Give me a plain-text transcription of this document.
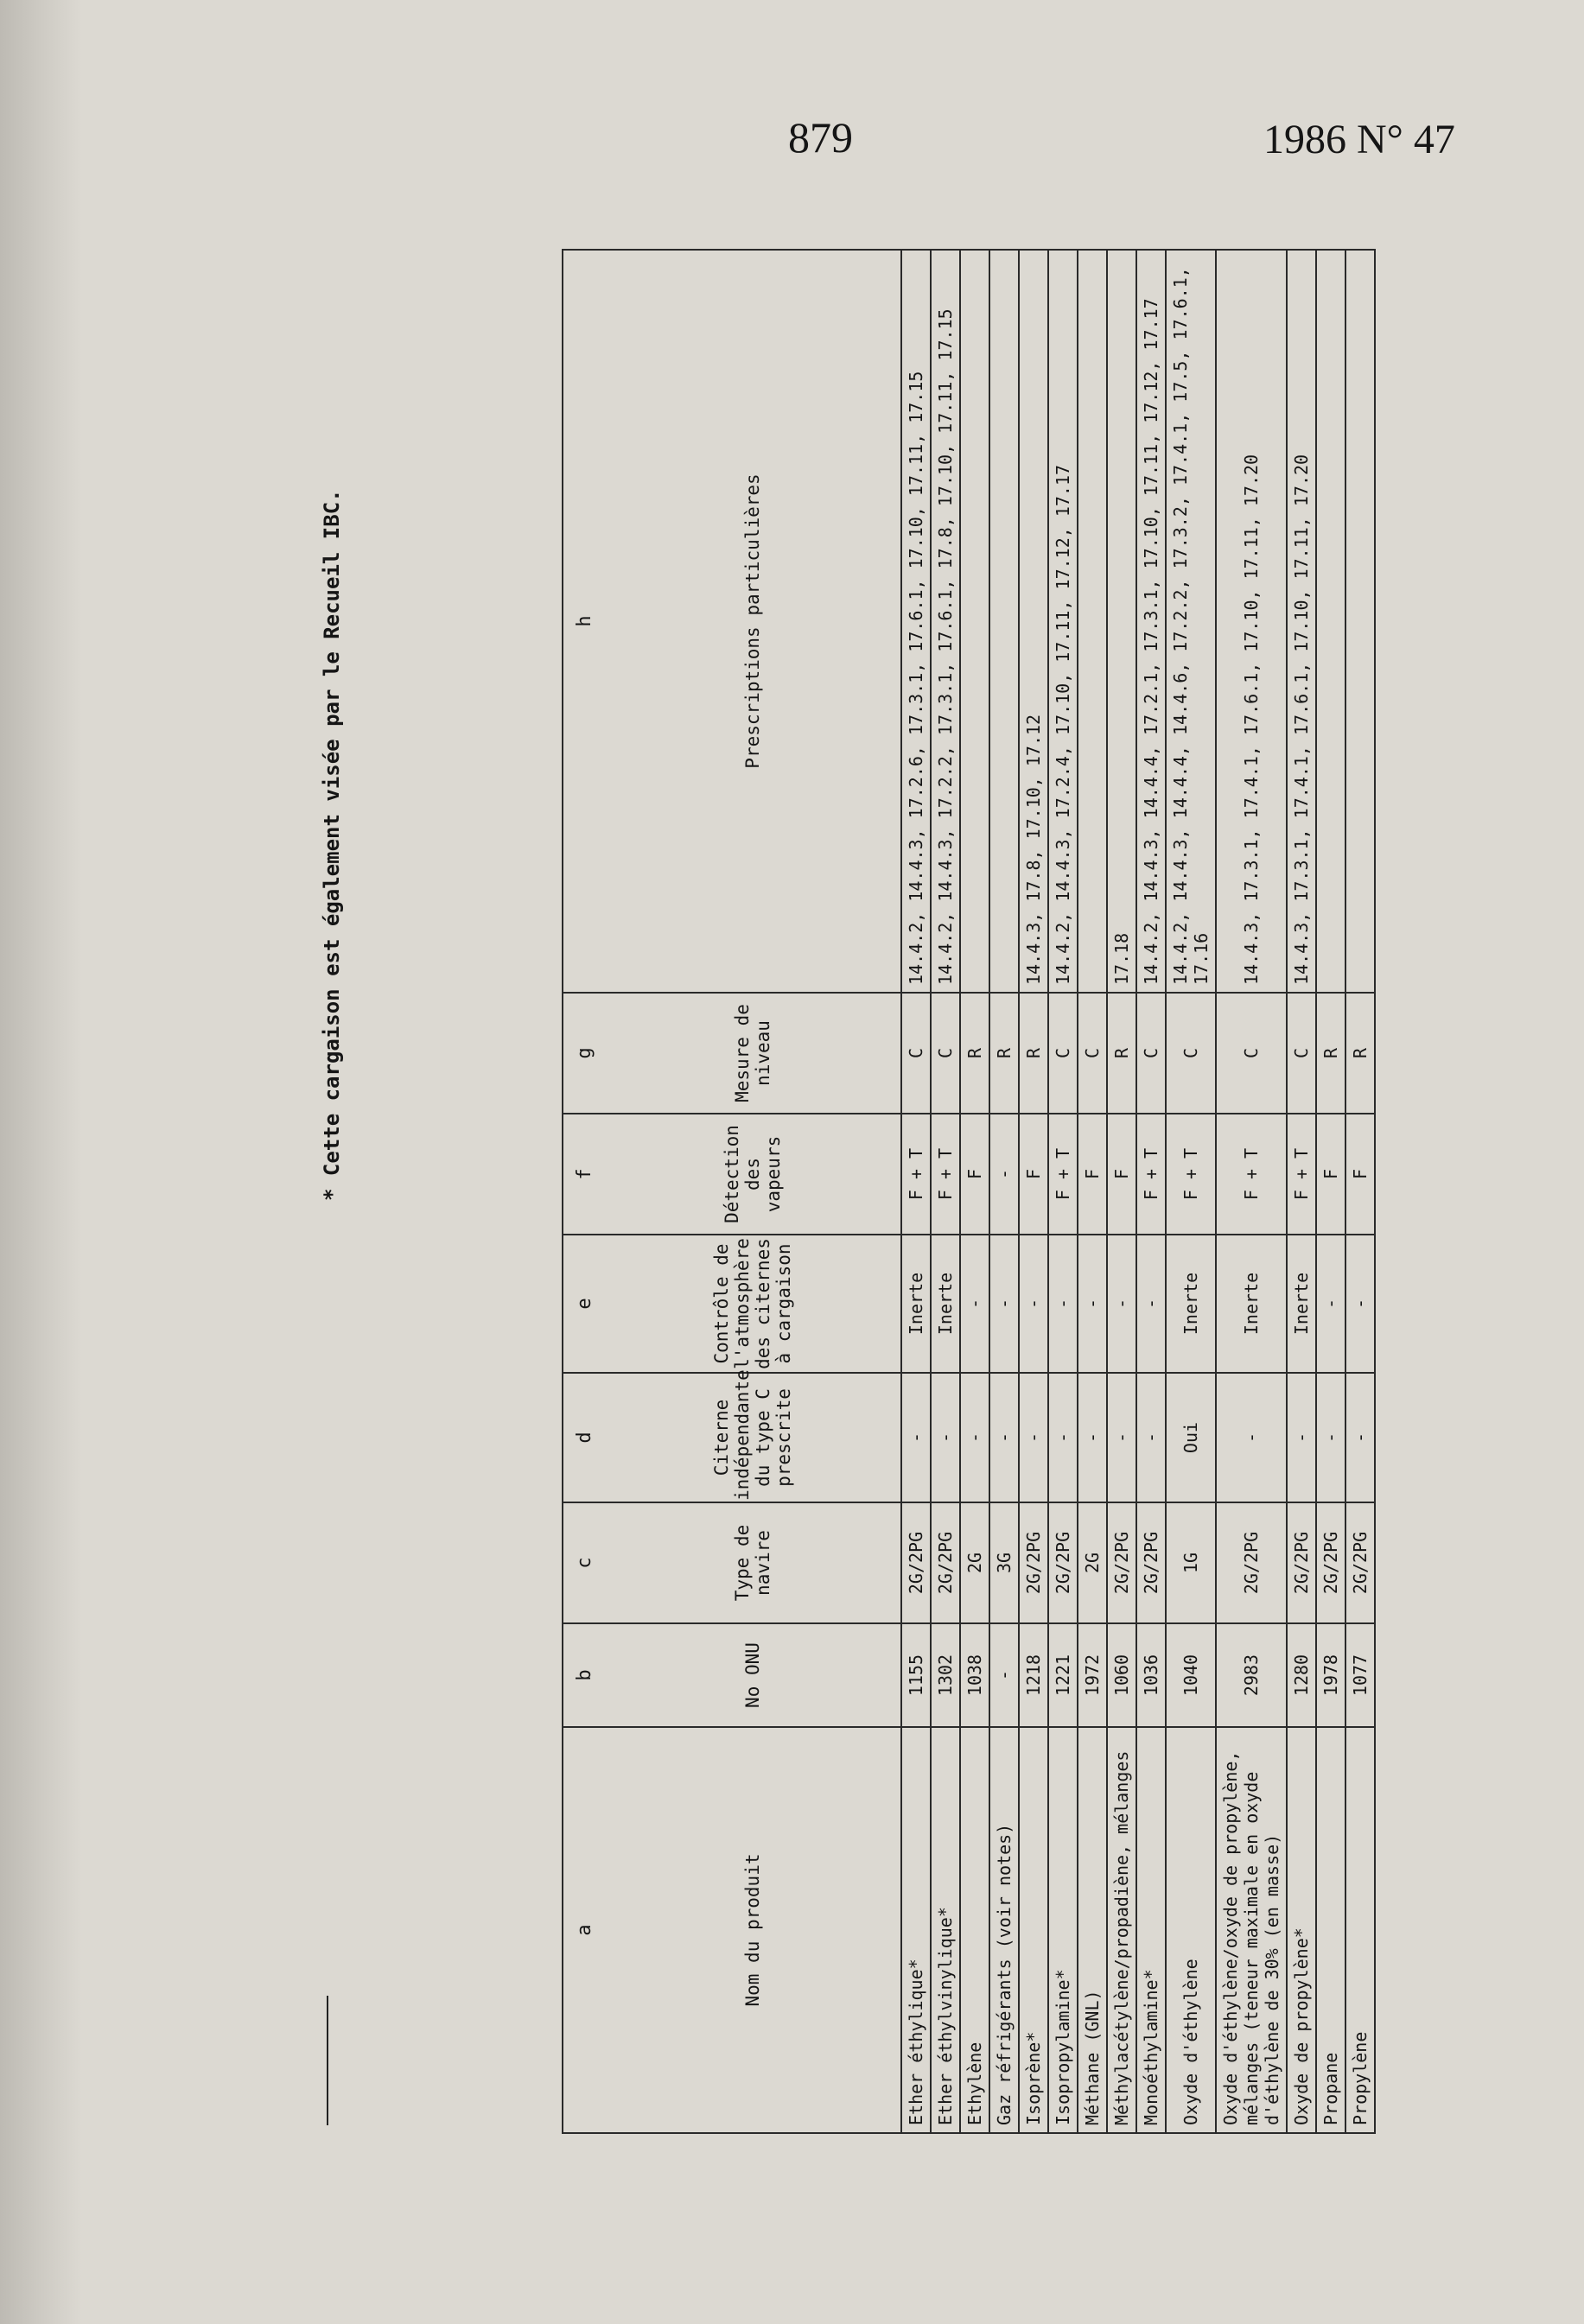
879	1986 N° 47
a	b	c	d	e	f	g	h
Nom du produit	No ONU	Type de navire	Citerne indépendante du type C prescrite	Contrôle de l'atmosphère des citernes à cargaison	Détection des vapeurs	Mesure de niveau	Prescriptions particulières
Ether éthylique*	1155	2G/2PG	-	Inerte	F + T	C	14.4.2, 14.4.3, 17.2.6, 17.3.1, 17.6.1, 17.10, 17.11, 17.15
Ether éthylvinylique*	1302	2G/2PG	-	Inerte	F + T	C	14.4.2, 14.4.3, 17.2.2, 17.3.1, 17.6.1, 17.8, 17.10, 17.11, 17.15
Ethylène	1038	2G	-	-	F	R	
Gaz réfrigérants (voir notes)	-	3G	-	-	-	R	
Isoprène*	1218	2G/2PG	-	-	F	R	14.4.3, 17.8, 17.10, 17.12
Isopropylamine*	1221	2G/2PG	-	-	F + T	C	14.4.2, 14.4.3, 17.2.4, 17.10, 17.11, 17.12, 17.17
Méthane (GNL)	1972	2G	-	-	F	C	
Méthylacétylène/propadiène, mélanges	1060	2G/2PG	-	-	F	R	17.18
Monoéthylamine*	1036	2G/2PG	-	-	F + T	C	14.4.2, 14.4.3, 14.4.4, 17.2.1, 17.3.1, 17.10, 17.11, 17.12, 17.17
Oxyde d'éthylène	1040	1G	Oui	Inerte	F + T	C	14.4.2, 14.4.3, 14.4.4, 14.4.6, 17.2.2, 17.3.2, 17.4.1, 17.5, 17.6.1, 17.16
Oxyde d'éthylène/oxyde de propylène, mélanges (teneur maximale en oxyde d'éthylène de 30% (en masse)	2983	2G/2PG	-	Inerte	F + T	C	14.4.3, 17.3.1, 17.4.1, 17.6.1, 17.10, 17.11, 17.20
Oxyde de propylène*	1280	2G/2PG	-	Inerte	F + T	C	14.4.3, 17.3.1, 17.4.1, 17.6.1, 17.10, 17.11, 17.20
Propane	1978	2G/2PG	-	-	F	R	
Propylène	1077	2G/2PG	-	-	F	R	
* Cette cargaison est également visée par le Recueil IBC.
